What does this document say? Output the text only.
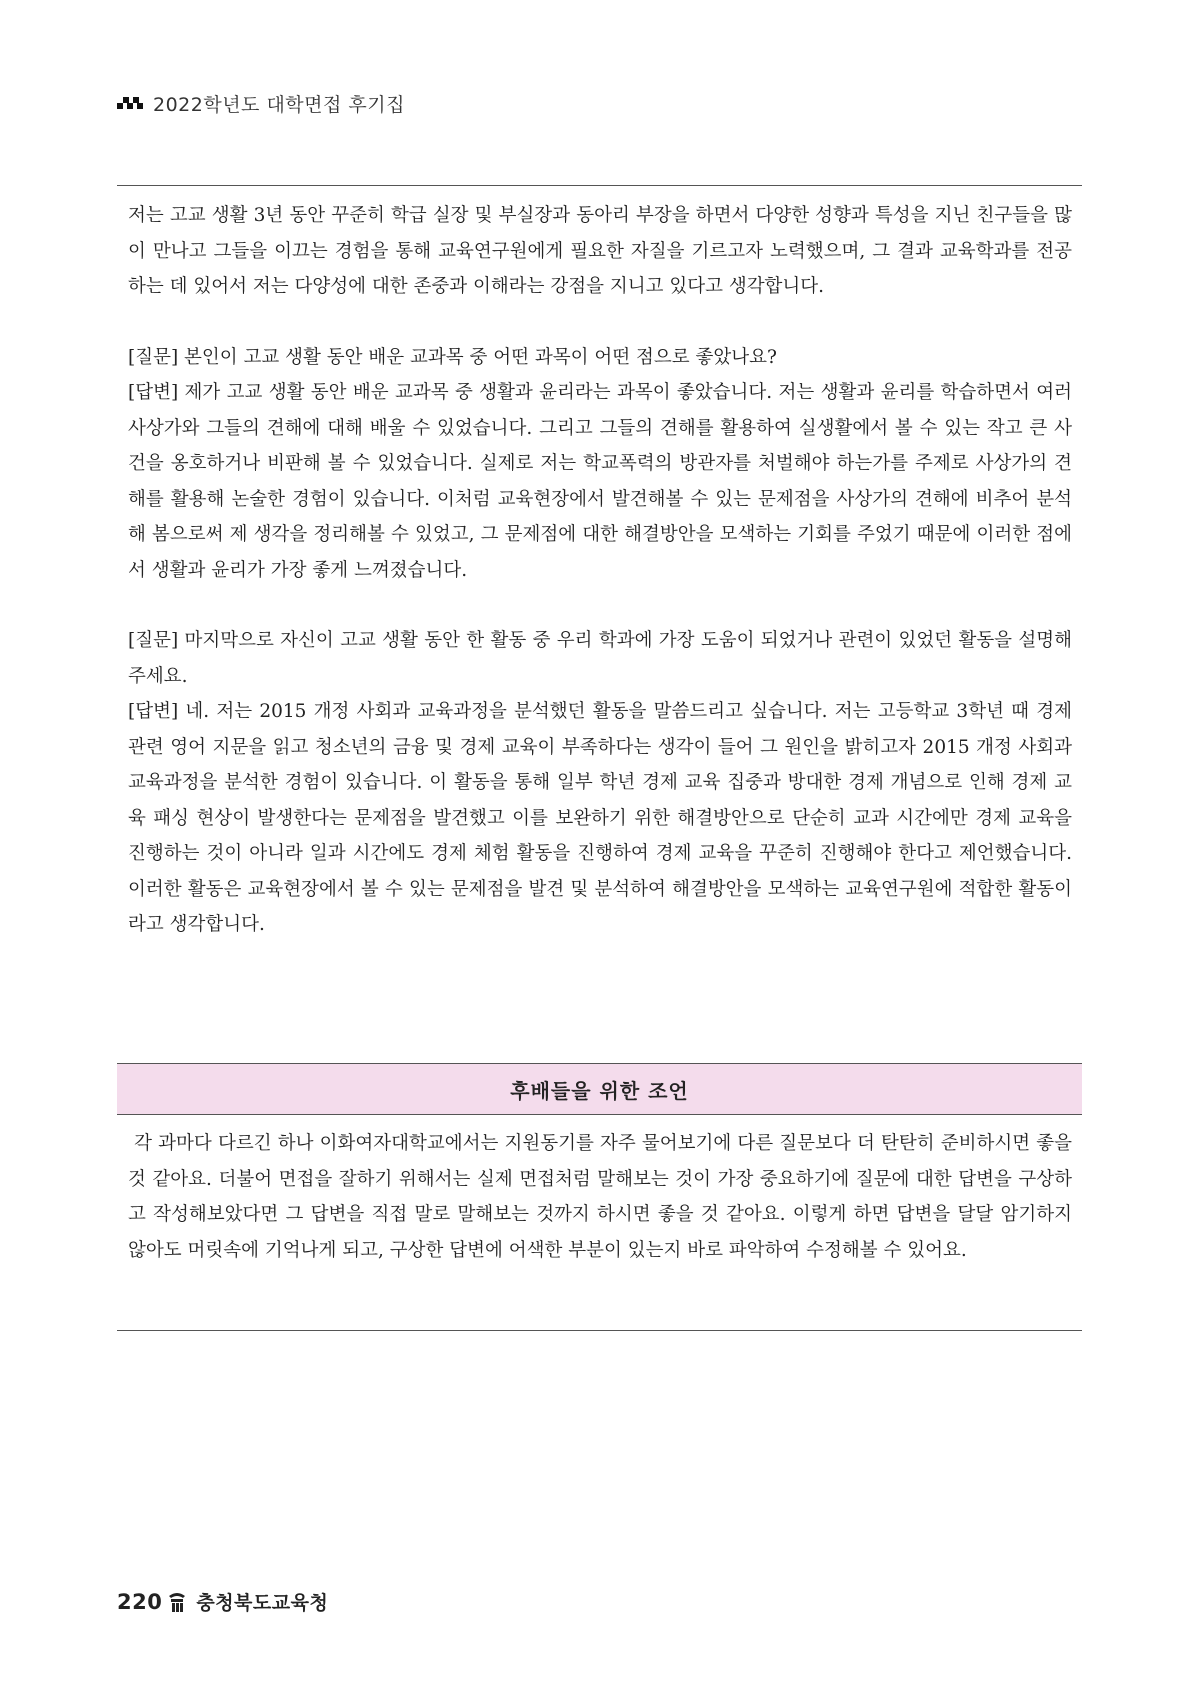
2022학년도 대학면접 후기집

저는 고교 생활 3년 동안 꾸준히 학급 실장 및 부실장과 동아리 부장을 하면서 다양한 성향과 특성을 지닌 친구들을 많이 만나고 그들을 이끄는 경험을 통해 교육연구원에게 필요한 자질을 기르고자 노력했으며, 그 결과 교육학과를 전공하는 데 있어서 저는 다양성에 대한 존중과 이해라는 강점을 지니고 있다고 생각합니다.

[질문] 본인이 고교 생활 동안 배운 교과목 중 어떤 과목이 어떤 점으로 좋았나요?

[답변] 제가 고교 생활 동안 배운 교과목 중 생활과 윤리라는 과목이 좋았습니다. 저는 생활과 윤리를 학습하면서 여러 사상가와 그들의 견해에 대해 배울 수 있었습니다. 그리고 그들의 견해를 활용하여 실생활에서 볼 수 있는 작고 큰 사건을 옹호하거나 비판해 볼 수 있었습니다. 실제로 저는 학교폭력의 방관자를 처벌해야 하는가를 주제로 사상가의 견해를 활용해 논술한 경험이 있습니다. 이처럼 교육현장에서 발견해볼 수 있는 문제점을 사상가의 견해에 비추어 분석해 봄으로써 제 생각을 정리해볼 수 있었고, 그 문제점에 대한 해결방안을 모색하는 기회를 주었기 때문에 이러한 점에서 생활과 윤리가 가장 좋게 느껴졌습니다.

[질문] 마지막으로 자신이 고교 생활 동안 한 활동 중 우리 학과에 가장 도움이 되었거나 관련이 있었던 활동을 설명해주세요.

[답변] 네. 저는 2015 개정 사회과 교육과정을 분석했던 활동을 말씀드리고 싶습니다. 저는 고등학교 3학년 때 경제 관련 영어 지문을 읽고 청소년의 금융 및 경제 교육이 부족하다는 생각이 들어 그 원인을 밝히고자 2015 개정 사회과 교육과정을 분석한 경험이 있습니다. 이 활동을 통해 일부 학년 경제 교육 집중과 방대한 경제 개념으로 인해 경제 교육 패싱 현상이 발생한다는 문제점을 발견했고 이를 보완하기 위한 해결방안으로 단순히 교과 시간에만 경제 교육을 진행하는 것이 아니라 일과 시간에도 경제 체험 활동을 진행하여 경제 교육을 꾸준히 진행해야 한다고 제언했습니다. 이러한 활동은 교육현장에서 볼 수 있는 문제점을 발견 및 분석하여 해결방안을 모색하는 교육연구원에 적합한 활동이라고 생각합니다.

후배들을 위한 조언

각 과마다 다르긴 하나 이화여자대학교에서는 지원동기를 자주 물어보기에 다른 질문보다 더 탄탄히 준비하시면 좋을 것 같아요. 더불어 면접을 잘하기 위해서는 실제 면접처럼 말해보는 것이 가장 중요하기에 질문에 대한 답변을 구상하고 작성해보았다면 그 답변을 직접 말로 말해보는 것까지 하시면 좋을 것 같아요. 이렇게 하면 답변을 달달 암기하지 않아도 머릿속에 기억나게 되고, 구상한 답변에 어색한 부분이 있는지 바로 파악하여 수정해볼 수 있어요.

220 충청북도교육청
